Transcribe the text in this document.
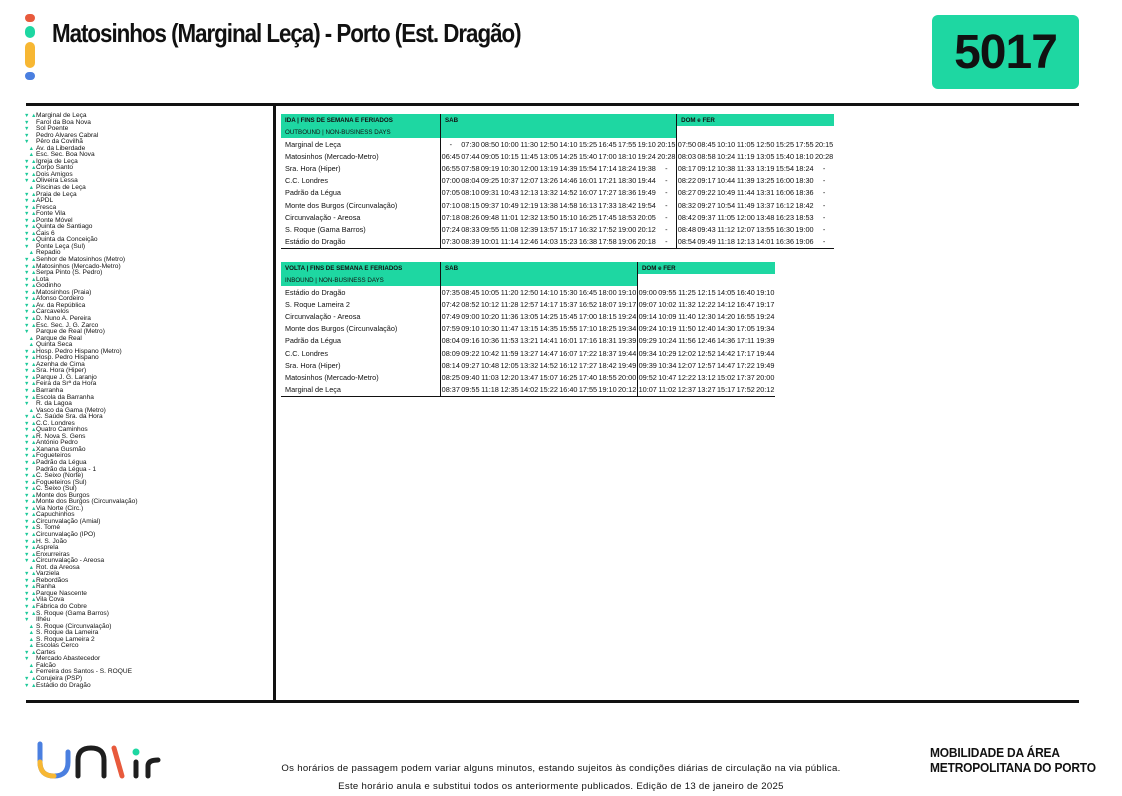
Matosinhos (Marginal Leça) - Porto (Est. Dragão)	5017
▼ ▲Marginal de Leça
▼ Farol da Boa Nova
▼ Sol Poente
▼ Pedro Alvares Cabral
▼ Pêro da Covilhã
▲ Av. da Liberdade
▲ Esc. Sec. Boa Nova
▼ ▲Igreja de Leça
▼ ▲Corpo Santo
▼ ▲Dois Amigos
▼ ▲Oliveira Lessa
▲ Piscinas de Leça
▼ ▲Praia de Leça
▼ ▲APDL
▼ ▲Fresca
▼ ▲Fonte Vila
▼ ▲Ponte Móvel
▼ ▲Quinta de Santiago
▼ ▲Cais 6
▼ ▲Quinta da Conceição
▼ Ponte Leça (Sul)
▲ Repadio
▼ ▲Senhor de Matosinhos (Metro)
▼ ▲Matosinhos (Mercado-Metro)
▼ ▲Serpa Pinto (S. Pedro)
▼ ▲Lota
▼ ▲Godinho
▼ ▲Matosinhos (Praia)
▼ ▲Afonso Cordeiro
▼ ▲Av. da República
▼ ▲Carcavelos
▼ ▲D. Nuno A. Pereira
▼ ▲Esc. Sec. J. G. Zarco
▼ Parque de Real (Metro)
▲ Parque de Real
▲ Quinta Seca
▼ ▲Hosp. Pedro Hispano (Metro)
▼ ▲Hosp. Pedro Hispano
▼ ▲Azenha de Cima
▼ ▲Sra. Hora (Hiper)
▼ ▲Parque J. G. Laranjo
▼ ▲Feira da Srª da Hora
▼ ▲Barranha
▼ ▲Escola da Barranha
▼ R. da Lagoa
▲ Vasco da Gama (Metro)
▼ ▲C. Saúde Sra. da Hora
▼ ▲C.C. Londres
▼ ▲Quatro Caminhos
▼ ▲R. Nova S. Gens
▼ ▲António Pedro
▼ ▲Xanana Gusmão
▼ ▲Fogueteiros
▼ ▲Padrão da Légua
▼ Padrão da Légua - 1
▼ ▲C. Seixo (Norte)
▼ ▲Fogueteiros (Sul)
▼ ▲C. Seixo (Sul)
▼ ▲Monte dos Burgos
▼ ▲Monte dos Burgos (Circunvalação)
▼ ▲Via Norte (Circ.)
▼ ▲Capuchinhos
▼ ▲Circunvalação (Amial)
▼ ▲S. Tomé
▼ ▲Circunvalação (IPO)
▼ ▲H. S. João
▼ ▲Asprela
▼ ▲Enxurreiras
▼ ▲Circunvalação - Areosa
▲ Rot. da Areosa
▼ ▲Varziela
▼ ▲Rebordãos
▼ ▲Ranha
▼ ▲Parque Nascente
▼ ▲Vila Cova
▼ ▲Fábrica do Cobre
▼ ▲S. Roque (Gama Barros)
▼ Ilhéu
▲ S. Roque (Circunvalação)
▲ S. Roque da Lameira
▲ S. Roque Lameira 2
▲ Escolas Cerco
▼ ▲Cartes
▼ Mercado Abastecedor
▲ Falcão
▲ Ferreira dos Santos - S. ROQUE
▼ ▲Corujeira (PSP)
▼ ▲Estádio do Dragão
IDA | FINS DE SEMANA E FERIADOS	SAB												DOM e FER							
OUTBOUND | NON-BUSINESS DAYS																				
Marginal de Leça	-	07:30	08:50	10:00	11:30	12:50	14:10	15:25	16:45	17:55	19:10	20:15	07:50	08:45	10:10	11:05	12:50	15:25	17:55	20:15
Matosinhos (Mercado-Metro)	06:45	07:44	09:05	10:15	11:45	13:05	14:25	15:40	17:00	18:10	19:24	20:28	08:03	08:58	10:24	11:19	13:05	15:40	18:10	20:28
Sra. Hora (Hiper)	06:55	07:58	09:19	10:30	12:00	13:19	14:39	15:54	17:14	18:24	19:38	-	08:17	09:12	10:38	11:33	13:19	15:54	18:24	-
C.C. Londres	07:00	08:04	09:25	10:37	12:07	13:26	14:46	16:01	17:21	18:30	19:44	-	08:22	09:17	10:44	11:39	13:25	16:00	18:30	-
Padrão da Légua	07:05	08:10	09:31	10:43	12:13	13:32	14:52	16:07	17:27	18:36	19:49	-	08:27	09:22	10:49	11:44	13:31	16:06	18:36	-
Monte dos Burgos (Circunvalação)	07:10	08:15	09:37	10:49	12:19	13:38	14:58	16:13	17:33	18:42	19:54	-	08:32	09:27	10:54	11:49	13:37	16:12	18:42	-
Circunvalação - Areosa	07:18	08:26	09:48	11:01	12:32	13:50	15:10	16:25	17:45	18:53	20:05	-	08:42	09:37	11:05	12:00	13:48	16:23	18:53	-
S. Roque (Gama Barros)	07:24	08:33	09:55	11:08	12:39	13:57	15:17	16:32	17:52	19:00	20:12	-	08:48	09:43	11:12	12:07	13:55	16:30	19:00	-
Estádio do Dragão	07:30	08:39	10:01	11:14	12:46	14:03	15:23	16:38	17:58	19:06	20:18	-	08:54	09:49	11:18	12:13	14:01	16:36	19:06	-
VOLTA | FINS DE SEMANA E FERIADOS	SAB										DOM e FER						
INBOUND | NON-BUSINESS DAYS																	
Estádio do Dragão	07:35	08:45	10:05	11:20	12:50	14:10	15:30	16:45	18:00	19:10	09:00	09:55	11:25	12:15	14:05	16:40	19:10
S. Roque Lameira 2	07:42	08:52	10:12	11:28	12:57	14:17	15:37	16:52	18:07	19:17	09:07	10:02	11:32	12:22	14:12	16:47	19:17
Circunvalação - Areosa	07:49	09:00	10:20	11:36	13:05	14:25	15:45	17:00	18:15	19:24	09:14	10:09	11:40	12:30	14:20	16:55	19:24
Monte dos Burgos (Circunvalação)	07:59	09:10	10:30	11:47	13:15	14:35	15:55	17:10	18:25	19:34	09:24	10:19	11:50	12:40	14:30	17:05	19:34
Padrão da Légua	08:04	09:16	10:36	11:53	13:21	14:41	16:01	17:16	18:31	19:39	09:29	10:24	11:56	12:46	14:36	17:11	19:39
C.C. Londres	08:09	09:22	10:42	11:59	13:27	14:47	16:07	17:22	18:37	19:44	09:34	10:29	12:02	12:52	14:42	17:17	19:44
Sra. Hora (Hiper)	08:14	09:27	10:48	12:05	13:32	14:52	16:12	17:27	18:42	19:49	09:39	10:34	12:07	12:57	14:47	17:22	19:49
Matosinhos (Mercado-Metro)	08:25	09:40	11:03	12:20	13:47	15:07	16:25	17:40	18:55	20:00	09:52	10:47	12:22	13:12	15:02	17:37	20:00
Marginal de Leça	08:37	09:55	11:18	12:35	14:02	15:22	16:40	17:55	19:10	20:12	10:07	11:02	12:37	13:27	15:17	17:52	20:12
Os horários de passagem podem variar alguns minutos, estando sujeitos às condições diárias de circulação na via pública.
Este horário anula e substitui todos os anteriormente publicados. Edição de 13 de janeiro de 2025
MOBILIDADE DA ÁREA
METROPOLITANA DO PORTO
